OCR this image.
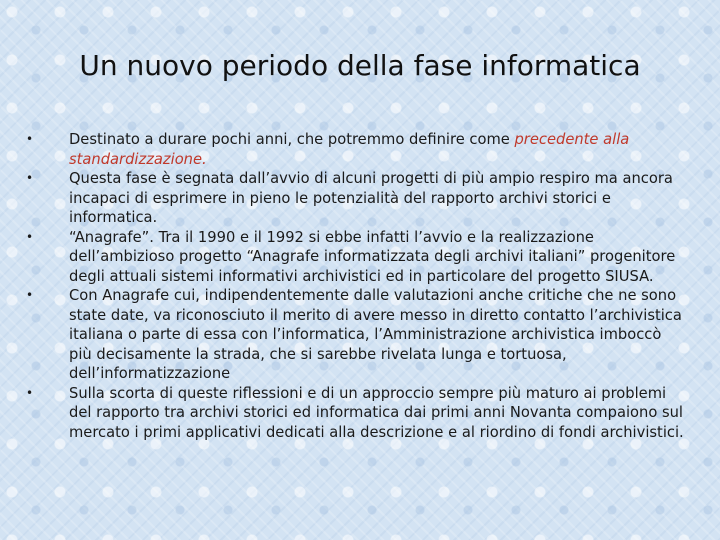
Un nuovo periodo della fase informatica
•	Destinato a durare pochi anni, che potremmo definire come precedente alla standardizzazione.
•	Questa fase è segnata dall’avvio di alcuni progetti di più ampio respiro ma ancora incapaci di esprimere in pieno le potenzialità del rapporto archivi storici e informatica.
•	“Anagrafe”. Tra il 1990 e il 1992 si ebbe infatti l’avvio e la realizzazione dell’ambizioso progetto “Anagrafe informatizzata degli archivi italiani” progenitore degli attuali sistemi informativi archivistici ed in particolare del progetto SIUSA.
•	Con Anagrafe cui, indipendentemente dalle valutazioni anche critiche che ne sono state date, va riconosciuto il merito di avere messo in diretto contatto l’archivistica italiana o parte di essa con l’informatica, l’Amministrazione archivistica imboccò più decisamente la strada, che si sarebbe rivelata lunga e tortuosa, dell’informatizzazione
•	Sulla scorta di queste riflessioni e di un approccio sempre più maturo ai problemi del rapporto tra archivi storici ed informatica dai primi anni Novanta compaiono sul mercato i primi applicativi dedicati alla descrizione e al riordino di fondi archivistici.
